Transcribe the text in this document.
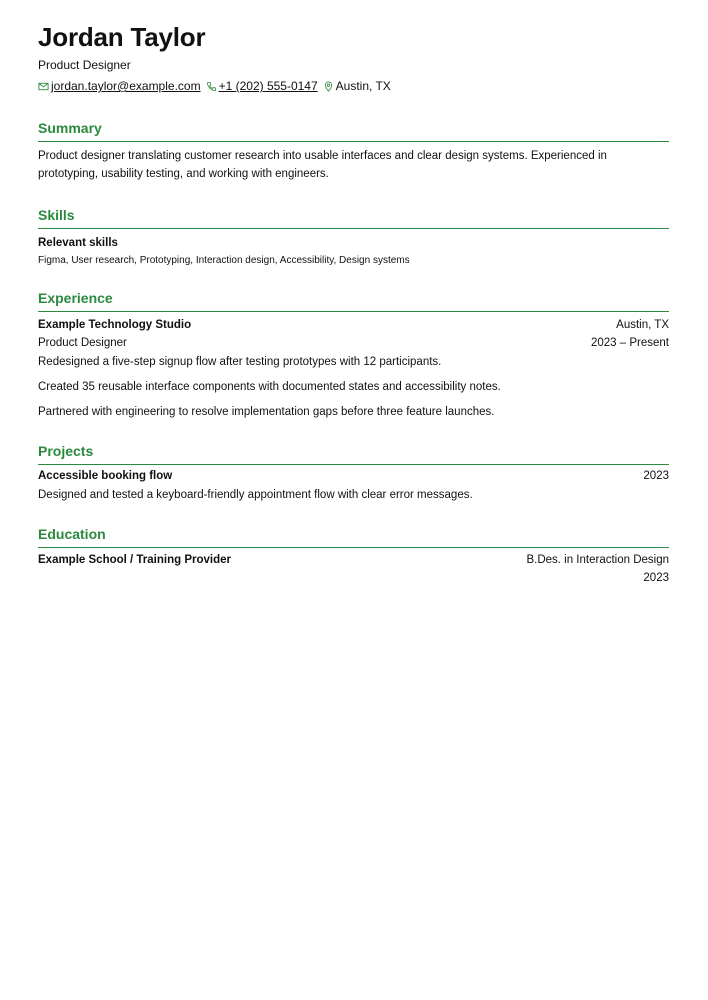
Jordan Taylor
Product Designer
jordan.taylor@example.com +1 (202) 555-0147 Austin, TX
Summary
Product designer translating customer research into usable interfaces and clear design systems. Experienced in prototyping, usability testing, and working with engineers.
Skills
Relevant skills
Figma, User research, Prototyping, Interaction design, Accessibility, Design systems
Experience
Example Technology Studio	Austin, TX
Product Designer	2023 – Present
Redesigned a five-step signup flow after testing prototypes with 12 participants.
Created 35 reusable interface components with documented states and accessibility notes.
Partnered with engineering to resolve implementation gaps before three feature launches.
Projects
Accessible booking flow	2023
Designed and tested a keyboard-friendly appointment flow with clear error messages.
Education
Example School / Training Provider	B.Des. in Interaction Design
2023
